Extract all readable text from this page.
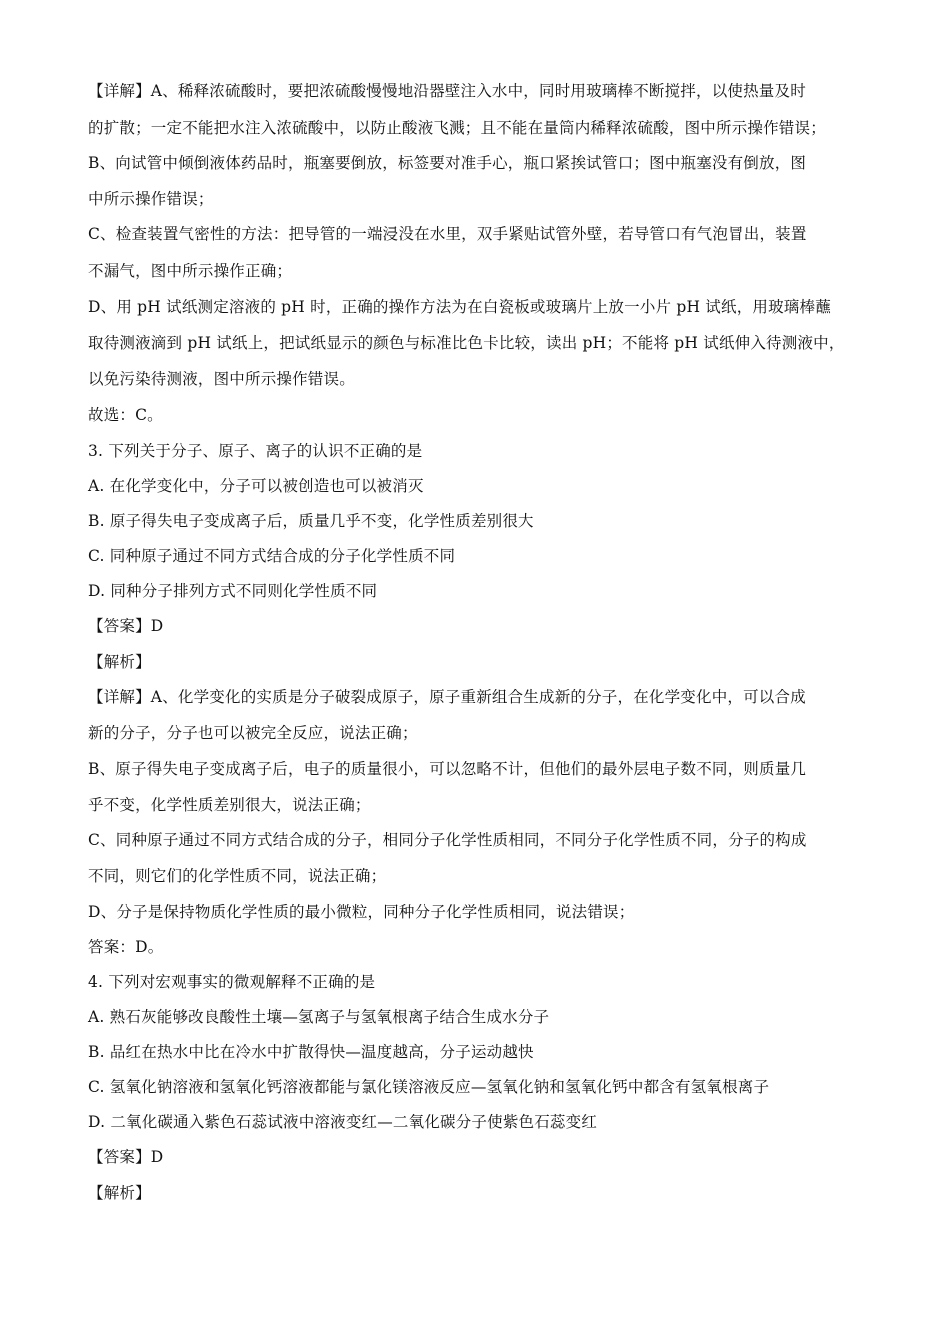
【详解】A、稀释浓硫酸时，要把浓硫酸慢慢地沿器壁注入水中，同时用玻璃棒不断搅拌，以使热量及时
的扩散；一定不能把水注入浓硫酸中，以防止酸液飞溅；且不能在量筒内稀释浓硫酸，图中所示操作错误；
B、向试管中倾倒液体药品时，瓶塞要倒放，标签要对准手心，瓶口紧挨试管口；图中瓶塞没有倒放，图
中所示操作错误；
C、检查装置气密性的方法：把导管的一端浸没在水里，双手紧贴试管外壁，若导管口有气泡冒出，装置
不漏气，图中所示操作正确；
D、用 pH 试纸测定溶液的 pH 时，正确的操作方法为在白瓷板或玻璃片上放一小片 pH 试纸，用玻璃棒蘸
取待测液滴到 pH 试纸上，把试纸显示的颜色与标准比色卡比较，读出 pH；不能将 pH 试纸伸入待测液中，
以免污染待测液，图中所示操作错误。
故选：C。
3. 下列关于分子、原子、离子的认识不正确的是
A. 在化学变化中，分子可以被创造也可以被消灭
B. 原子得失电子变成离子后，质量几乎不变，化学性质差别很大
C. 同种原子通过不同方式结合成的分子化学性质不同
D. 同种分子排列方式不同则化学性质不同
【答案】D
【解析】
【详解】A、化学变化的实质是分子破裂成原子，原子重新组合生成新的分子，在化学变化中，可以合成
新的分子，分子也可以被完全反应，说法正确；
B、原子得失电子变成离子后，电子的质量很小，可以忽略不计，但他们的最外层电子数不同，则质量几
乎不变，化学性质差别很大，说法正确；
C、同种原子通过不同方式结合成的分子，相同分子化学性质相同，不同分子化学性质不同，分子的构成
不同，则它们的化学性质不同，说法正确；
D、分子是保持物质化学性质的最小微粒，同种分子化学性质相同，说法错误；
答案：D。
4. 下列对宏观事实的微观解释不正确的是
A. 熟石灰能够改良酸性土壤—氢离子与氢氧根离子结合生成水分子
B. 品红在热水中比在冷水中扩散得快—温度越高，分子运动越快
C. 氢氧化钠溶液和氢氧化钙溶液都能与氯化镁溶液反应—氢氧化钠和氢氧化钙中都含有氢氧根离子
D. 二氧化碳通入紫色石蕊试液中溶液变红—二氧化碳分子使紫色石蕊变红
【答案】D
【解析】
